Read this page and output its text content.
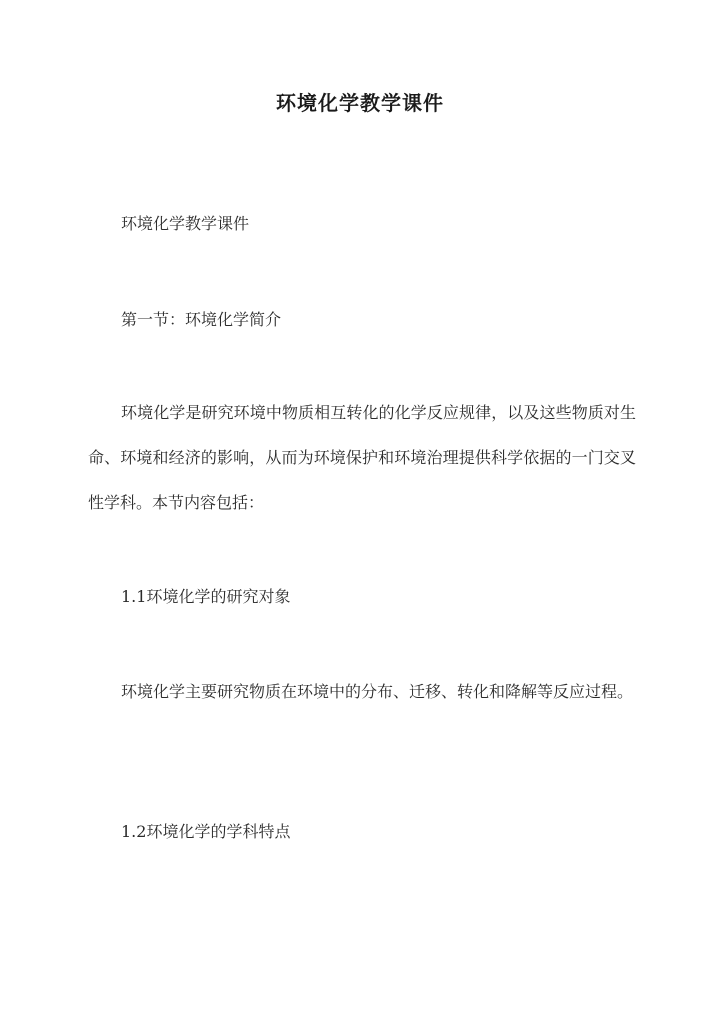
环境化学教学课件

环境化学教学课件

第一节：环境化学简介

环境化学是研究环境中物质相互转化的化学反应规律，以及这些物质对生命、环境和经济的影响，从而为环境保护和环境治理提供科学依据的一门交叉性学科。本节内容包括：

1.1环境化学的研究对象

环境化学主要研究物质在环境中的分布、迁移、转化和降解等反应过程。

1.2环境化学的学科特点
